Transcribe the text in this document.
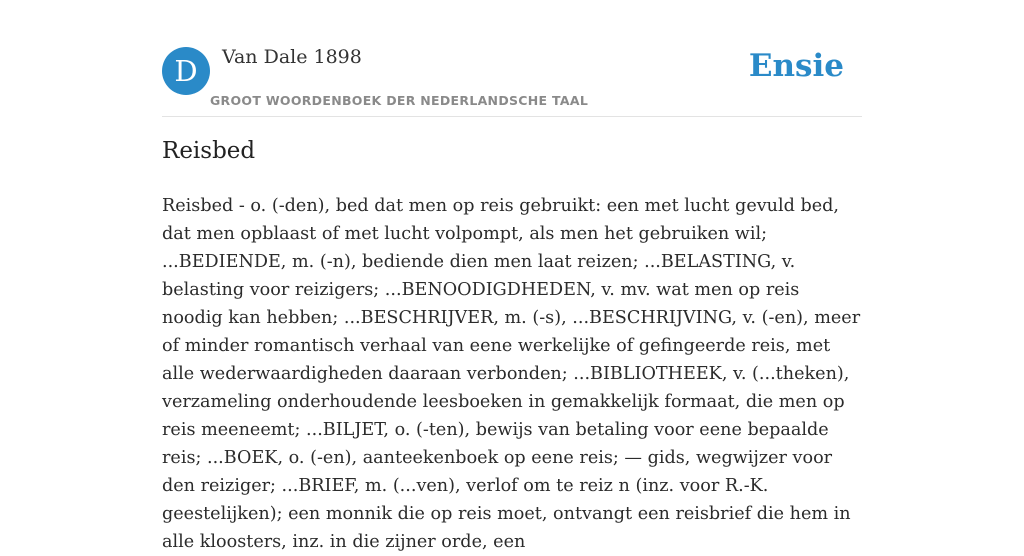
D	Van Dale 1898
GROOT WOORDENBOEK DER NEDERLANDSCHE TAAL
Ensie
Reisbed

Reisbed - o. (-den), bed dat men op reis gebruikt: een met lucht gevuld bed, dat men opblaast of met lucht volpompt, als men het gebruiken wil; ...BEDIENDE, m. (-n), bediende dien men laat reizen; ...BELASTING, v. belasting voor reizigers; ...BENOODIGDHEDEN, v. mv. wat men op reis noodig kan hebben; ...BESCHRIJVER, m. (-s), ...BESCHRIJVING, v. (-en), meer of minder romantisch verhaal van eene werkelijke of gefingeerde reis, met alle wederwaardigheden daaraan verbonden; ...BIBLIOTHEEK, v. (...theken), verzameling onderhoudende leesboeken in gemakkelijk formaat, die men op reis meeneemt; ...BILJET, o. (-ten), bewijs van betaling voor eene bepaalde reis; ...BOEK, o. (-en), aanteekenboek op eene reis; — gids, wegwijzer voor den reiziger; ...BRIEF, m. (...ven), verlof om te reiz n (inz. voor R.-K. geestelijken); een monnik die op reis moet, ontvangt een reisbrief die hem in alle kloosters, inz. in die zijner orde, een
